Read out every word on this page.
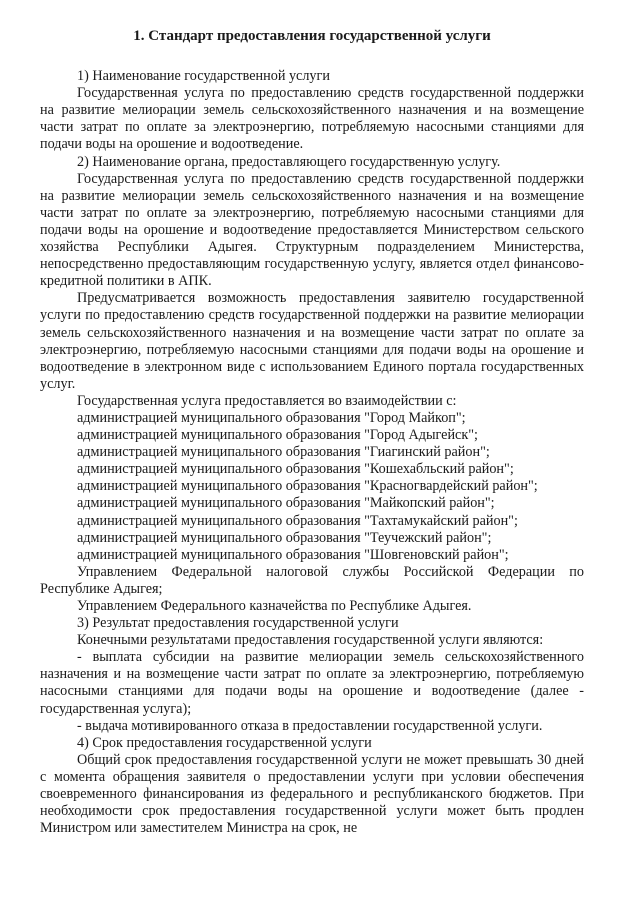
1. Стандарт предоставления государственной услуги

1) Наименование государственной услуги

Государственная услуга по предоставлению средств государственной поддержки на развитие мелиорации земель сельскохозяйственного назначения и на возмещение части затрат по оплате за электроэнергию, потребляемую насосными станциями для подачи воды на орошение и водоотведение.

2) Наименование органа, предоставляющего государственную услугу.

Государственная услуга по предоставлению средств государственной поддержки на развитие мелиорации земель сельскохозяйственного назначения и на возмещение части затрат по оплате за электроэнергию, потребляемую насосными станциями для подачи воды на орошение и водоотведение предоставляется Министерством сельского хозяйства Республики Адыгея. Структурным подразделением Министерства, непосредственно предоставляющим государственную услугу, является отдел финансово-кредитной политики в АПК.

Предусматривается возможность предоставления заявителю государственной услуги по предоставлению средств государственной поддержки на развитие мелиорации земель сельскохозяйственного назначения и на возмещение части затрат по оплате за электроэнергию, потребляемую насосными станциями для подачи воды на орошение и водоотведение в электронном виде с использованием Единого портала государственных услуг.

Государственная услуга предоставляется во взаимодействии с:

администрацией муниципального образования "Город Майкоп";

администрацией муниципального образования "Город Адыгейск";

администрацией муниципального образования "Гиагинский район";

администрацией муниципального образования "Кошехабльский район";

администрацией муниципального образования "Красногвардейский район";

администрацией муниципального образования "Майкопский район";

администрацией муниципального образования "Тахтамукайский район";

администрацией муниципального образования "Теучежский район";

администрацией муниципального образования "Шовгеновский район";

Управлением Федеральной налоговой службы Российской Федерации по Республике Адыгея;

Управлением Федерального казначейства по Республике Адыгея.

3) Результат предоставления государственной услуги

Конечными результатами предоставления государственной услуги являются:

- выплата субсидии на развитие мелиорации земель сельскохозяйственного назначения и на возмещение части затрат по оплате за электроэнергию, потребляемую насосными станциями для подачи воды на орошение и водоотведение (далее - государственная услуга);

- выдача мотивированного отказа в предоставлении государственной услуги.

4) Срок предоставления государственной услуги

Общий срок предоставления государственной услуги не может превышать 30 дней с момента обращения заявителя о предоставлении услуги при условии обеспечения своевременного финансирования из федерального и республиканского бюджетов. При необходимости срок предоставления государственной услуги может быть продлен Министром или заместителем Министра на срок, не
